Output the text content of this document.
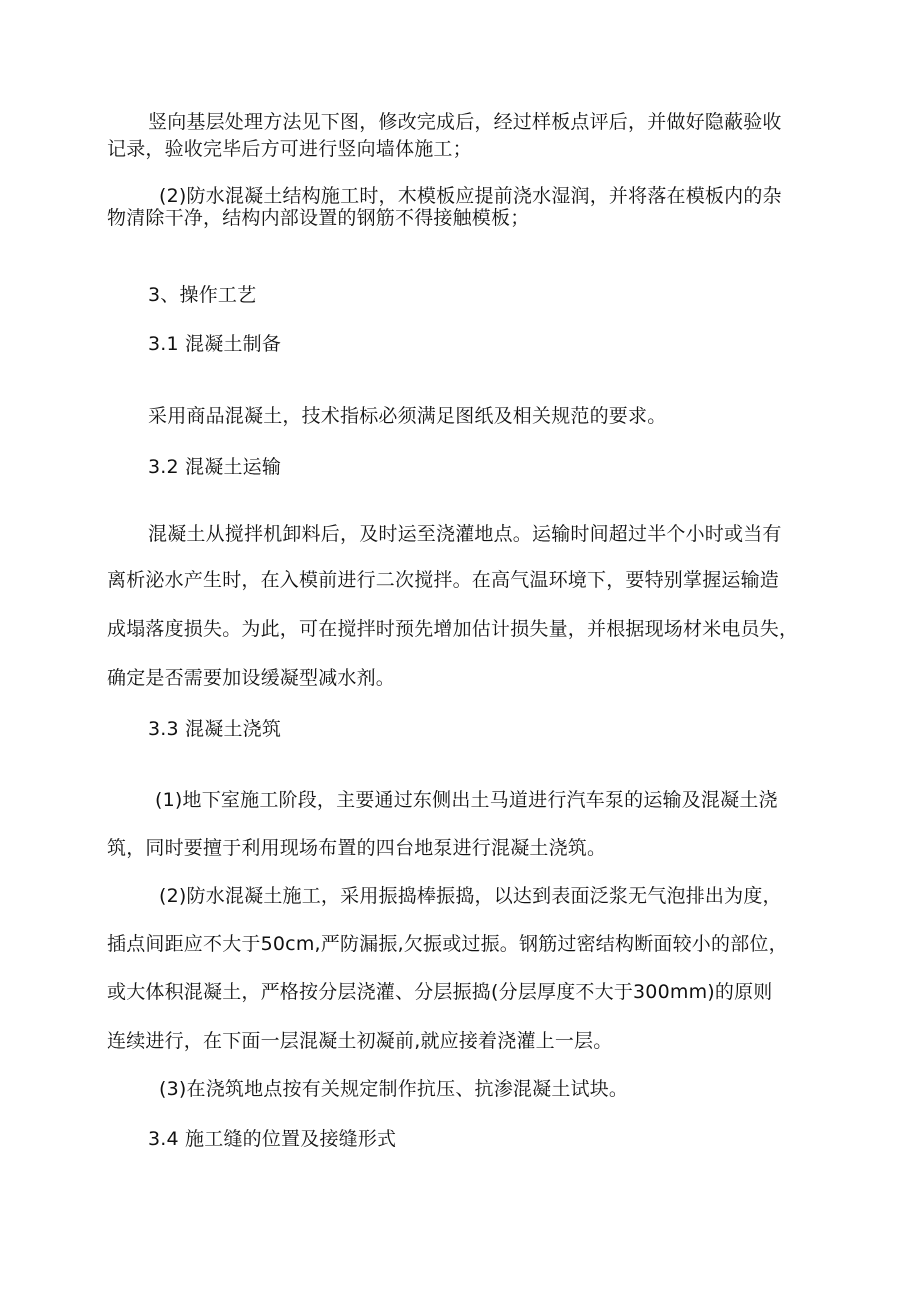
竖向基层处理方法见下图，修改完成后，经过样板点评后，并做好隐蔽验收
记录，验收完毕后方可进行竖向墙体施工；
(2)防水混凝土结构施工时，木模板应提前浇水湿润，并将落在模板内的杂
物清除干净，结构内部设置的钢筋不得接触模板；
3、操作工艺
3.1 混凝土制备
采用商品混凝土，技术指标必须满足图纸及相关规范的要求。
3.2 混凝土运输
混凝土从搅拌机卸料后，及时运至浇灌地点。运输时间超过半个小时或当有
离析泌水产生时，在入模前进行二次搅拌。在高气温环境下，要特别掌握运输造
成塌落度损失。为此，可在搅拌时预先增加估计损失量，并根据现场材米电员失，
确定是否需要加设缓凝型减水剂。
3.3 混凝土浇筑
(1)地下室施工阶段，主要通过东侧出土马道进行汽车泵的运输及混凝土浇
筑，同时要擅于利用现场布置的四台地泵进行混凝土浇筑。
(2)防水混凝土施工，采用振捣棒振捣，以达到表面泛浆无气泡排出为度，
插点间距应不大于50cm,严防漏振,欠振或过振。钢筋过密结构断面较小的部位，
或大体积混凝土，严格按分层浇灌、分层振捣(分层厚度不大于300mm)的原则
连续进行，在下面一层混凝土初凝前,就应接着浇灌上一层。
(3)在浇筑地点按有关规定制作抗压、抗渗混凝土试块。
3.4 施工缝的位置及接缝形式
